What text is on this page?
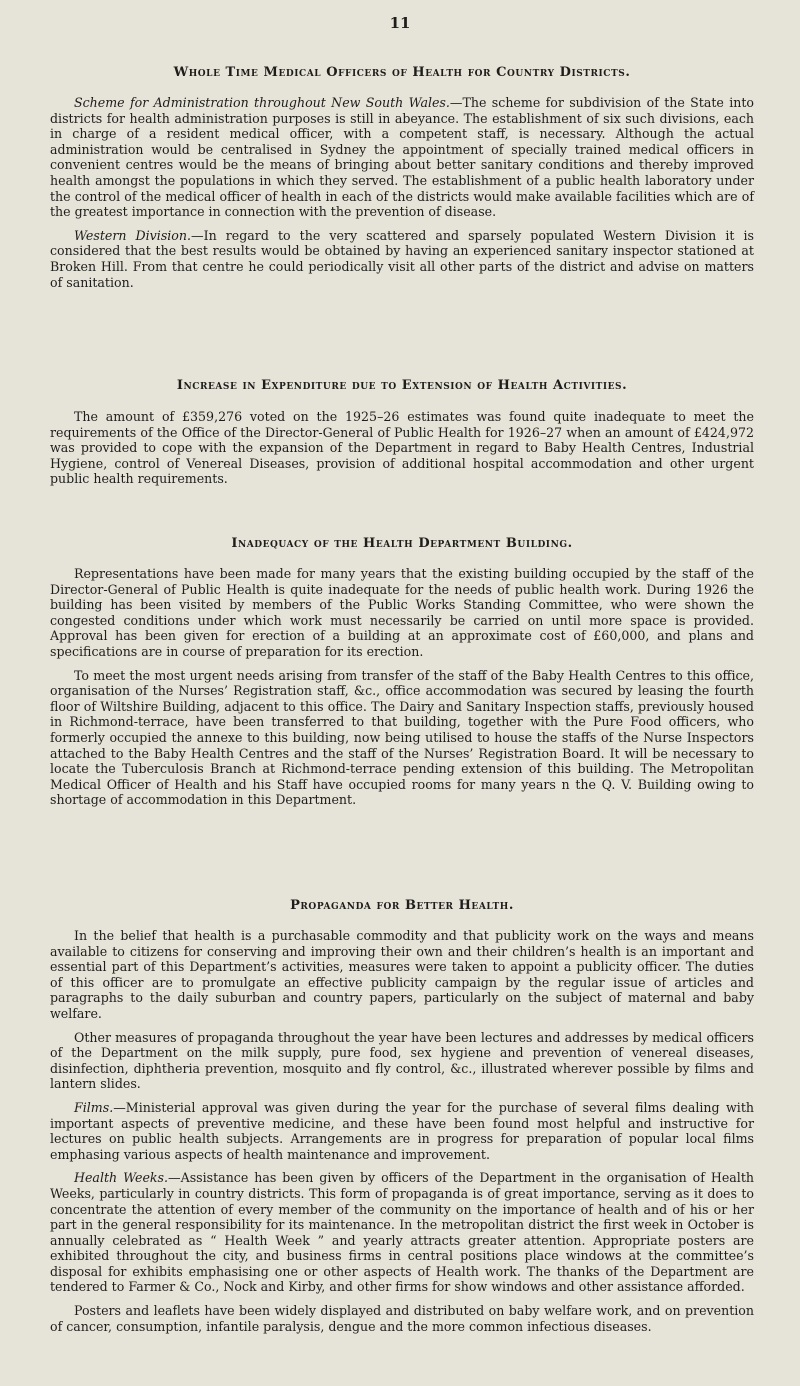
11
Whole Time Medical Officers of Health for Country Districts.

Scheme for Administration throughout New South Wales.—The scheme for subdivision of the State into districts for health administration purposes is still in abeyance. The establishment of six such divisions, each in charge of a resident medical officer, with a competent staff, is necessary. Although the actual administration would be centralised in Sydney the appointment of specially trained medical officers in convenient centres would be the means of bringing about better sanitary conditions and thereby improved health amongst the populations in which they served. The establishment of a public health laboratory under the control of the medical officer of health in each of the districts would make available facilities which are of the greatest importance in connection with the prevention of disease.

Western Division.—In regard to the very scattered and sparsely populated Western Division it is considered that the best results would be obtained by having an experienced sanitary inspector stationed at Broken Hill. From that centre he could periodically visit all other parts of the district and advise on matters of sanitation.

Increase in Expenditure due to Extension of Health Activities.

The amount of £359,276 voted on the 1925–26 estimates was found quite inadequate to meet the requirements of the Office of the Director-General of Public Health for 1926–27 when an amount of £424,972 was provided to cope with the expansion of the Department in regard to Baby Health Centres, Industrial Hygiene, control of Venereal Diseases, provision of additional hospital accommodation and other urgent public health requirements.

Inadequacy of the Health Department Building.

Representations have been made for many years that the existing building occupied by the staff of the Director-General of Public Health is quite inadequate for the needs of public health work. During 1926 the building has been visited by members of the Public Works Standing Committee, who were shown the congested conditions under which work must necessarily be carried on until more space is provided. Approval has been given for erection of a building at an approximate cost of £60,000, and plans and specifications are in course of preparation for its erection.

To meet the most urgent needs arising from transfer of the staff of the Baby Health Centres to this office, organisation of the Nurses’ Registration staff, &c., office accommodation was secured by leasing the fourth floor of Wiltshire Building, adjacent to this office. The Dairy and Sanitary Inspection staffs, previously housed in Richmond-terrace, have been transferred to that building, together with the Pure Food officers, who formerly occupied the annexe to this building, now being utilised to house the staffs of the Nurse Inspectors attached to the Baby Health Centres and the staff of the Nurses’ Registration Board. It will be necessary to locate the Tuberculosis Branch at Richmond-terrace pending extension of this building. The Metropolitan Medical Officer of Health and his Staff have occupied rooms for many years n the Q. V. Building owing to shortage of accommodation in this Department.

Propaganda for Better Health.

In the belief that health is a purchasable commodity and that publicity work on the ways and means available to citizens for conserving and improving their own and their children’s health is an important and essential part of this Department’s activities, measures were taken to appoint a publicity officer. The duties of this officer are to promulgate an effective publicity campaign by the regular issue of articles and paragraphs to the daily suburban and country papers, particularly on the subject of maternal and baby welfare.

Other measures of propaganda throughout the year have been lectures and addresses by medical officers of the Department on the milk supply, pure food, sex hygiene and prevention of venereal diseases, disinfection, diphtheria prevention, mosquito and fly control, &c., illustrated wherever possible by films and lantern slides.

Films.—Ministerial approval was given during the year for the purchase of several films dealing with important aspects of preventive medicine, and these have been found most helpful and instructive for lectures on public health subjects. Arrangements are in progress for preparation of popular local films emphasing various aspects of health maintenance and improvement.

Health Weeks.—Assistance has been given by officers of the Department in the organisation of Health Weeks, particularly in country districts. This form of propaganda is of great importance, serving as it does to concentrate the attention of every member of the community on the importance of health and of his or her part in the general responsibility for its maintenance. In the metropolitan district the first week in October is annually celebrated as “ Health Week ” and yearly attracts greater attention. Appropriate posters are exhibited throughout the city, and business firms in central positions place windows at the committee’s disposal for exhibits emphasising one or other aspects of Health work. The thanks of the Department are tendered to Farmer & Co., Nock and Kirby, and other firms for show windows and other assistance afforded.

Posters and leaflets have been widely displayed and distributed on baby welfare work, and on prevention of cancer, consumption, infantile paralysis, dengue and the more common infectious diseases.
